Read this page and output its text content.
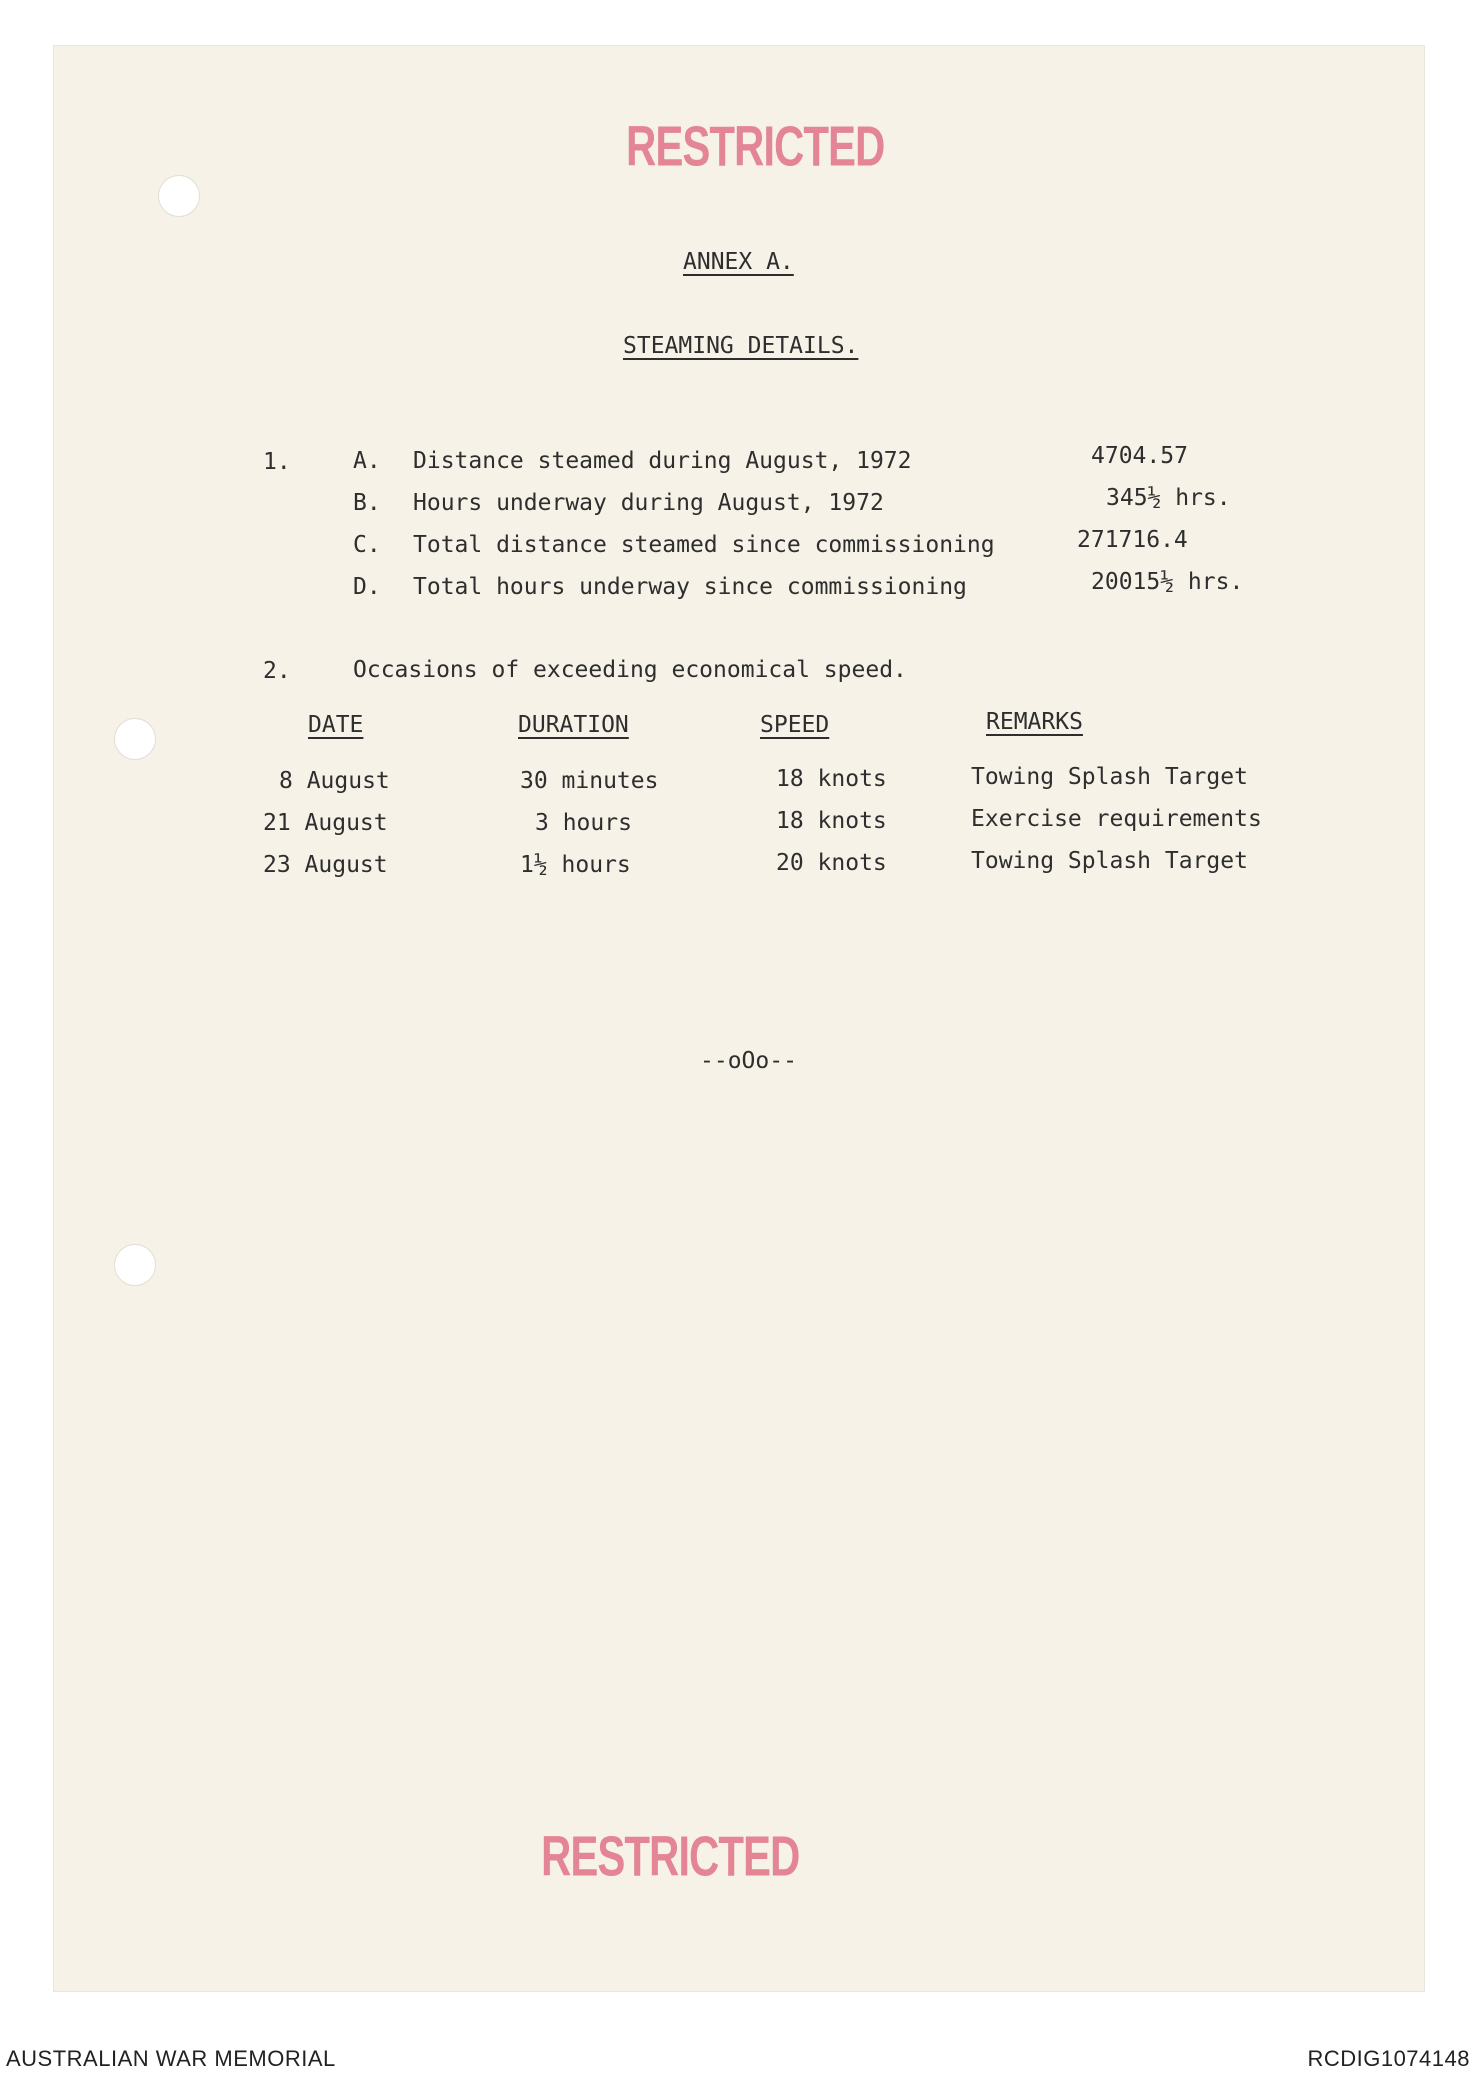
RESTRICTED
ANNEX A.
STEAMING DETAILS.
1.	A. Distance steamed during August, 1972	4704.57
B. Hours underway during August, 1972	345½ hrs.
C. Total distance steamed since commissioning	271716.4
D. Total hours underway since commissioning	20015½ hrs.
2.	Occasions of exceeding economical speed.
DATE	DURATION	SPEED	REMARKS
8 August	30 minutes	18 knots	Towing Splash Target
21 August	3 hours	18 knots	Exercise requirements
23 August	1½ hours	20 knots	Towing Splash Target
--oOo--
RESTRICTED
AUSTRALIAN WAR MEMORIAL	RCDIG1074148
